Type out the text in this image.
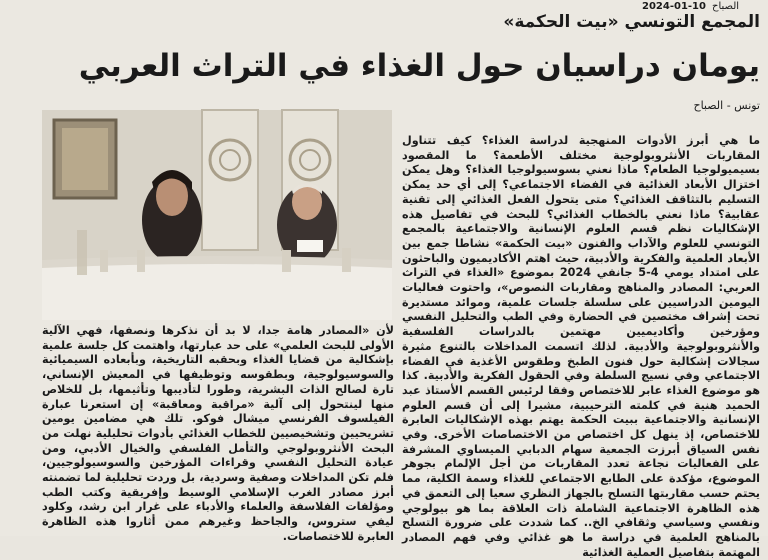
2024-01-10 الصباح
المجمع التونسي «بيت الحكمة»
يومان دراسيان حول الغذاء في التراث العربي
تونس - الصباح

ما هي أبرز الأدوات المنهجية لدراسة الغذاء؟ كيف تتناول المقاربات الأنثروبولوجية مختلف الأطعمة؟ ما المقصود بسيميولوجيا الطعام؟ ماذا نعني بسوسيولوجيا الغذاء؟ وهل يمكن اختزال الأبعاد الغذائية في الفضاء الاجتماعي؟ إلى أي حد يمكن التسليم بالتثاقف الغذائي؟ متى يتحول الفعل الغذائي إلى تقنية عقابية؟ ماذا نعني بالخطاب الغذائي؟ للبحث في تفاصيل هذه الإشكاليات نظم قسم العلوم الإنسانية والاجتماعية بالمجمع التونسي للعلوم والآداب والفنون «بيت الحكمة» نشاطا جمع بين الأبعاد العلمية والفكرية والأدبية، حيث اهتم الأكاديميون والباحثون على امتداد يومي 4-5 جانفي 2024 بموضوع «الغذاء في التراث العربي: المصادر والمناهج ومقاربات النصوص»، واحتوت فعاليات اليومين الدراسيين على سلسلة جلسات علمية، وموائد مستديرة تحت إشراف مختصين في الحضارة وفي الطب والتحليل النفسي ومؤرخين وأكاديميين مهتمين بالدراسات الفلسفية والأنثروبولوجية والأدبية. لذلك اتسمت المداخلات بالتنوع مثيرة سجالات إشكالية حول فنون الطبخ وطقوس الأغذية في الفضاء الاجتماعي وفي نسيج السلطة وفي الحقول الفكرية والأدبية. كذا هو موضوع الغذاء عابر للاختصاص وفقا لرئيس القسم الأستاذ عبد الحميد هنية في كلمته الترحيبية، مشيرا إلى أن قسم العلوم الإنسانية والاجتماعية ببيت الحكمة يهتم بهذه الإشكاليات العابرة للاختصاص، إذ ينهل كل اختصاص من الاختصاصات الأخرى. وفي نفس السياق أبرزت الجمعية سهام الدبابي الميساوي المشرفة على الفعاليات نجاعة تعدد المقاربات من أجل الإلمام بجوهر الموضوع، مؤكدة على الطابع الاجتماعي للغذاء وسمة الكلية، مما يحتم حسب مقاربتها التسلح بالجهاز النظري سعيا إلى التعمق في هذه الظاهرة الاجتماعية الشاملة ذات العلاقة بما هو بيولوجي ونفسي وسياسي وثقافي الخ.. كما شددت على ضرورة التسلح بالمناهج العلمية في دراسة ما هو غذائي وفي فهم المصادر المهتمة بتفاصيل العملية الغذائية

لأن «المصادر هامة جدا، لا بد أن نذكرها ونصفها، فهي الآلية الأولى للبحث العلمي» على حد عبارتها، واهتمت كل جلسة علمية بإشكالية من قضايا الغذاء وبحقبه التاريخية، وبأبعاده السيميائية والسوسيولوجية، وبطقوسه وتوظيفها في المعيش الإنساني، تارة لصالح الذات البشرية، وطورا لتأديبها وتأثيمها، بل للخلاص منها لينتحول إلى آلية «مراقبة ومعاقبة» إن استعرنا عبارة الفيلسوف الفرنسي ميشال فوكو. تلك هي مضامين يومين تشريحيين وتشخيصيين للخطاب الغذائي بأدوات تحليلية نهلت من البحث الأنثروبولوجي والتأمل الفلسفي والخيال الأدبي، ومن عيادة التحليل النفسي وقراءات المؤرخين والسوسيولوجيين، فلم تكن المداخلات وصفية وسردية، بل وردت تحليلية لما تضمنته أبرز مصادر الغرب الإسلامي الوسيط وإفريقية وكتب الطب ومؤلفات الفلاسفة والعلماء والأدباء على غرار ابن رشد، وكلود ليفي ستروس، والجاحظ وغيرهم ممن أثاروا هذه الظاهرة العابرة للاختصاصات.
